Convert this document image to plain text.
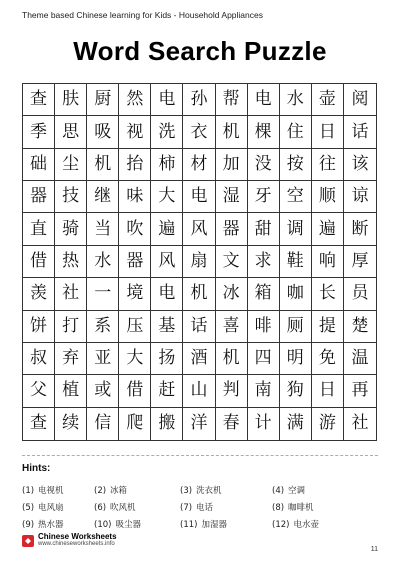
Theme based Chinese learning for Kids - Household Appliances
Word Search Puzzle
查 肤 厨 然 电 孙 帮 电 水 壶 阅
季 思 吸 视 洗 衣 机 棵 住 日 话
础 尘 机 抬 柿 材 加 没 按 往 该
器 技 继 味 大 电 湿 牙 空 顺 谅
直 骑 当 吹 遍 风 器 甜 调 遍 断
借 热 水 器 风 扇 文 求 鞋 响 厚
羡 社 一 境 电 机 冰 箱 咖 长 员
饼 打 系 压 基 话 喜 啡 厕 提 楚
叔 弃 亚 大 扬 酒 机 四 明 免 温
父 植 或 借 赶 山 判 南 狗 日 再
查 续 信 爬 搬 洋 春 计 满 游 社
Hints:
(1) 电视机	(2) 冰箱	(3) 洗衣机	(4) 空调
(5) 电风扇	(6) 吹风机	(7) 电话	(8) 咖啡机
(9) 热水器	(10) 吸尘器	(11) 加湿器	(12) 电水壶
Chinese Worksheets
www.chineseworksheets.info
11
